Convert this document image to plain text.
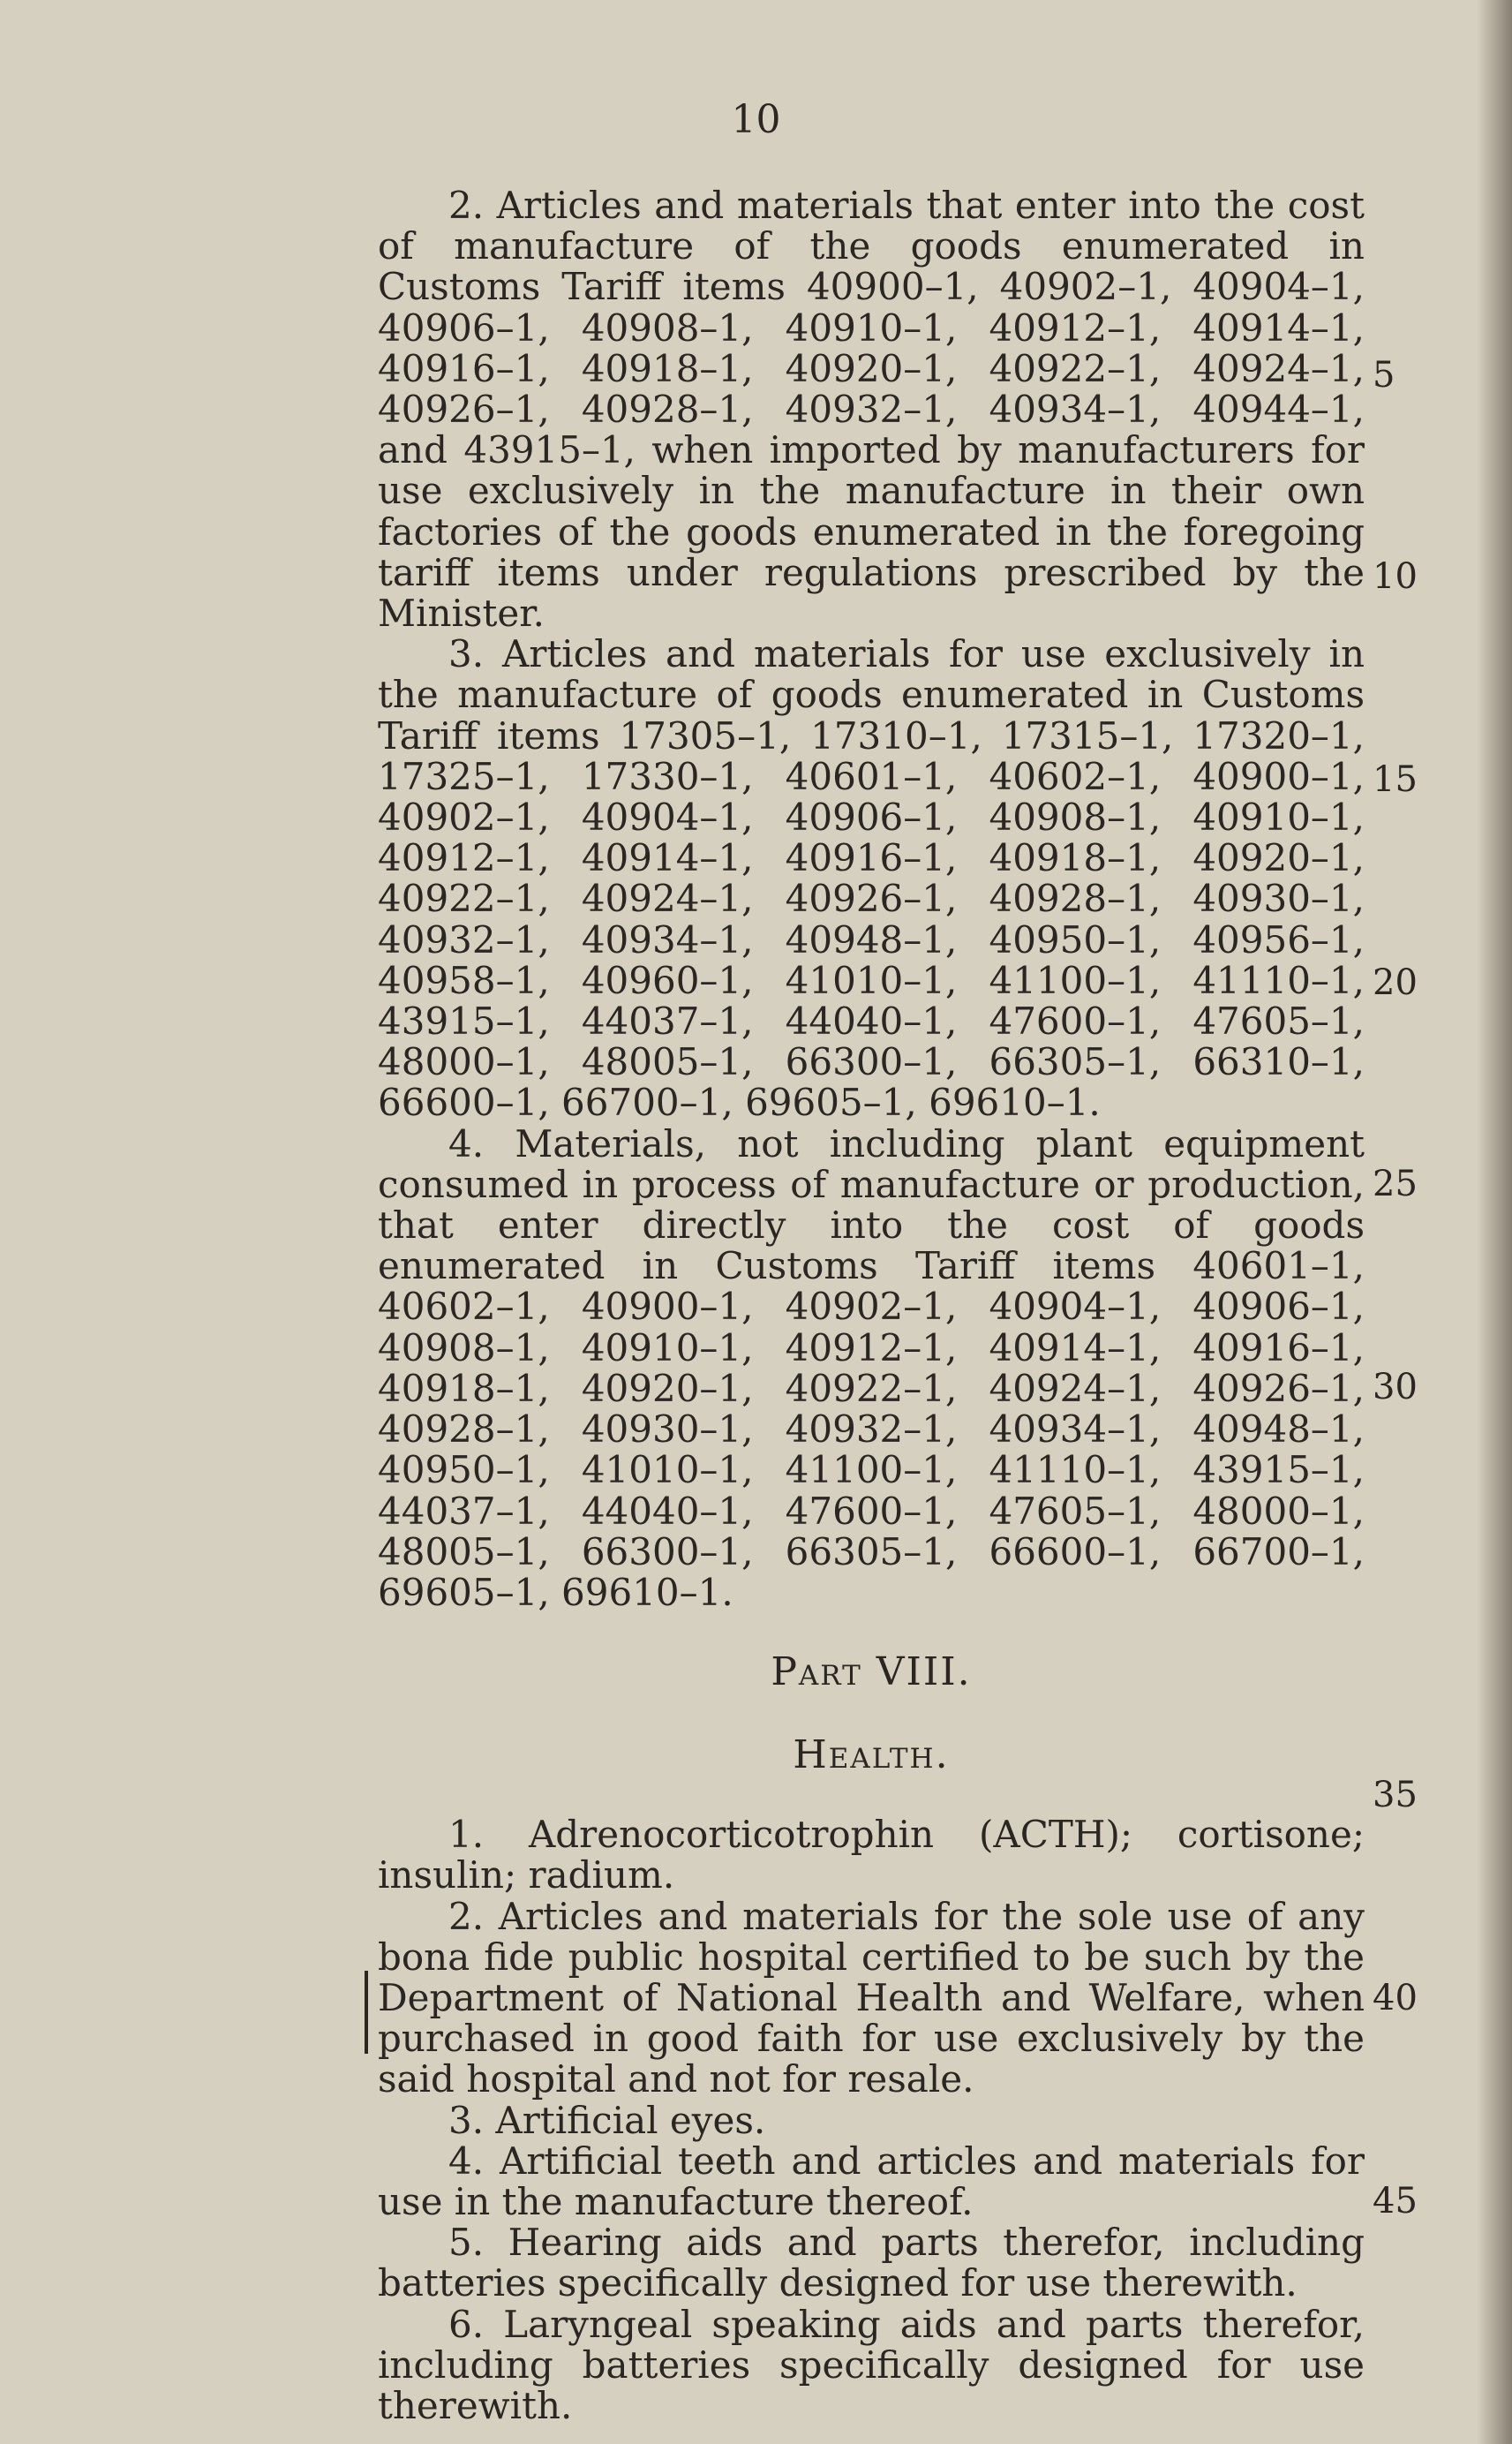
10

2. Articles and materials that enter into the cost of manufacture of the goods enumerated in Customs Tariff items 40900–1, 40902–1, 40904–1, 40906–1, 40908–1, 40910–1, 40912–1, 40914–1, 40916–1, 40918–1, 40920–1, 40922–1, 40924–1, 40926–1, 40928–1, 40932–1, 40934–1, 40944–1, and 43915–1, when imported by manufacturers for use exclusively in the manufacture in their own factories of the goods enumerated in the foregoing tariff items under regulations prescribed by the Minister.

3. Articles and materials for use exclusively in the manufacture of goods enumerated in Customs Tariff items 17305–1, 17310–1, 17315–1, 17320–1, 17325–1, 17330–1, 40601–1, 40602–1, 40900–1, 40902–1, 40904–1, 40906–1, 40908–1, 40910–1, 40912–1, 40914–1, 40916–1, 40918–1, 40920–1, 40922–1, 40924–1, 40926–1, 40928–1, 40930–1, 40932–1, 40934–1, 40948–1, 40950–1, 40956–1, 40958–1, 40960–1, 41010–1, 41100–1, 41110–1, 43915–1, 44037–1, 44040–1, 47600–1, 47605–1, 48000–1, 48005–1, 66300–1, 66305–1, 66310–1, 66600–1, 66700–1, 69605–1, 69610–1.

4. Materials, not including plant equipment consumed in process of manufacture or production, that enter directly into the cost of goods enumerated in Customs Tariff items 40601–1, 40602–1, 40900–1, 40902–1, 40904–1, 40906–1, 40908–1, 40910–1, 40912–1, 40914–1, 40916–1, 40918–1, 40920–1, 40922–1, 40924–1, 40926–1, 40928–1, 40930–1, 40932–1, 40934–1, 40948–1, 40950–1, 41010–1, 41100–1, 41110–1, 43915–1, 44037–1, 44040–1, 47600–1, 47605–1, 48000–1, 48005–1, 66300–1, 66305–1, 66600–1, 66700–1, 69605–1, 69610–1.

Part VIII.

Health.

1. Adrenocorticotrophin (ACTH); cortisone; insulin; radium.

2. Articles and materials for the sole use of any bona fide public hospital certified to be such by the Department of National Health and Welfare, when purchased in good faith for use exclusively by the said hospital and not for resale.

3. Artificial eyes.

4. Artificial teeth and articles and materials for use in the manufacture thereof.

5. Hearing aids and parts therefor, including batteries specifically designed for use therewith.

6. Laryngeal speaking aids and parts therefor, including batteries specifically designed for use therewith.

5
10
15
20
25
30
35
40
45
